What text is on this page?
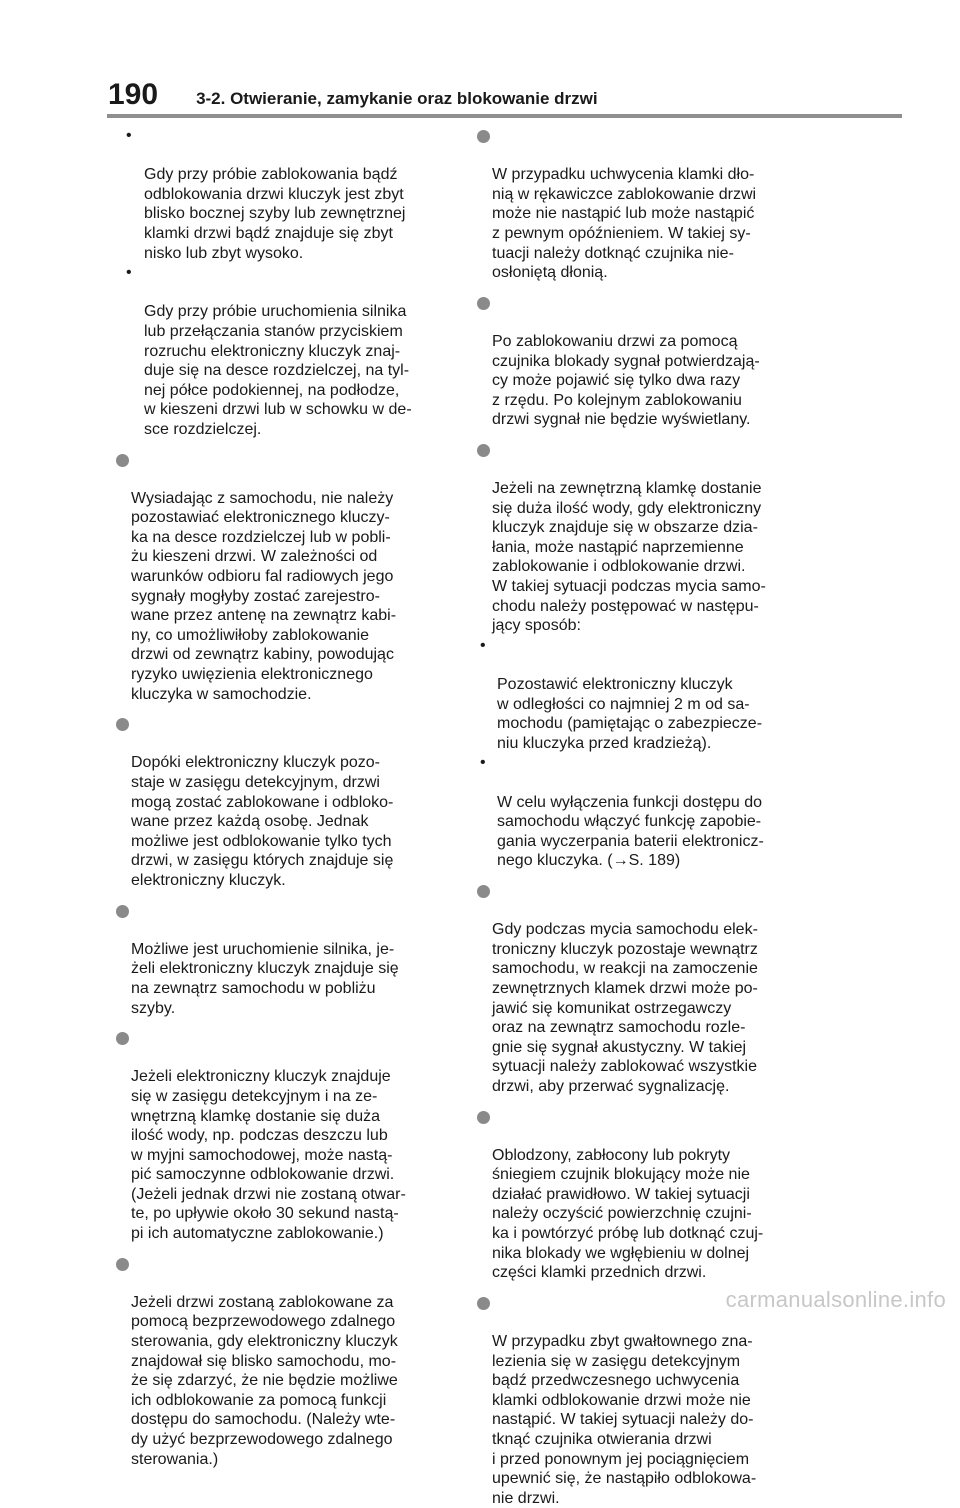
190 3-2. Otwieranie, zamykanie oraz blokowanie drzwi

•

Gdy przy próbie zablokowania bądź
odblokowania drzwi kluczyk jest zbyt
blisko bocznej szyby lub zewnętrznej
klamki drzwi bądź znajduje się zbyt
nisko lub zbyt wysoko.

•

Gdy przy próbie uruchomienia silnika
lub przełączania stanów przyciskiem
rozruchu elektroniczny kluczyk znaj-
duje się na desce rozdzielczej, na tyl-
nej półce podokiennej, na podłodze,
w kieszeni drzwi lub w schowku w de-
sce rozdzielczej.

Wysiadając z samochodu, nie należy
pozostawiać elektronicznego kluczy-
ka na desce rozdzielczej lub w pobli-
żu kieszeni drzwi. W zależności od
warunków odbioru fal radiowych jego
sygnały mogłyby zostać zarejestro-
wane przez antenę na zewnątrz kabi-
ny, co umożliwiłoby zablokowanie
drzwi od zewnątrz kabiny, powodując
ryzyko uwięzienia elektronicznego
kluczyka w samochodzie.

Dopóki elektroniczny kluczyk pozo-
staje w zasięgu detekcyjnym, drzwi
mogą zostać zablokowane i odbloko-
wane przez każdą osobę. Jednak
możliwe jest odblokowanie tylko tych
drzwi, w zasięgu których znajduje się
elektroniczny kluczyk.

Możliwe jest uruchomienie silnika, je-
żeli elektroniczny kluczyk znajduje się
na zewnątrz samochodu w pobliżu
szyby.

Jeżeli elektroniczny kluczyk znajduje
się w zasięgu detekcyjnym i na ze-
wnętrzną klamkę dostanie się duża
ilość wody, np. podczas deszczu lub
w myjni samochodowej, może nastą-
pić samoczynne odblokowanie drzwi.
(Jeżeli jednak drzwi nie zostaną otwar-
te, po upływie około 30 sekund nastą-
pi ich automatyczne zablokowanie.)

Jeżeli drzwi zostaną zablokowane za
pomocą bezprzewodowego zdalnego
sterowania, gdy elektroniczny kluczyk
znajdował się blisko samochodu, mo-
że się zdarzyć, że nie będzie możliwe
ich odblokowanie za pomocą funkcji
dostępu do samochodu. (Należy wte-
dy użyć bezprzewodowego zdalnego
sterowania.)

W przypadku uchwycenia klamki dło-
nią w rękawiczce zablokowanie drzwi
może nie nastąpić lub może nastąpić
z pewnym opóźnieniem. W takiej sy-
tuacji należy dotknąć czujnika nie-
osłoniętą dłonią.

Po zablokowaniu drzwi za pomocą
czujnika blokady sygnał potwierdzają-
cy może pojawić się tylko dwa razy
z rzędu. Po kolejnym zablokowaniu
drzwi sygnał nie będzie wyświetlany.

Jeżeli na zewnętrzną klamkę dostanie
się duża ilość wody, gdy elektroniczny
kluczyk znajduje się w obszarze dzia-
łania, może nastąpić naprzemienne
zablokowanie i odblokowanie drzwi.
W takiej sytuacji podczas mycia samo-
chodu należy postępować w następu-
jący sposób:

•

Pozostawić elektroniczny kluczyk
w odległości co najmniej 2 m od sa-
mochodu (pamiętając o zabezpiecze-
niu kluczyka przed kradzieżą).

•

W celu wyłączenia funkcji dostępu do
samochodu włączyć funkcję zapobie-
gania wyczerpania baterii elektronicz-
nego kluczyka. (→S. 189)

Gdy podczas mycia samochodu elek-
troniczny kluczyk pozostaje wewnątrz
samochodu, w reakcji na zamoczenie
zewnętrznych klamek drzwi może po-
jawić się komunikat ostrzegawczy
oraz na zewnątrz samochodu rozle-
gnie się sygnał akustyczny. W takiej
sytuacji należy zablokować wszystkie
drzwi, aby przerwać sygnalizację.

Oblodzony, zabłocony lub pokryty
śniegiem czujnik blokujący może nie
działać prawidłowo. W takiej sytuacji
należy oczyścić powierzchnię czujni-
ka i powtórzyć próbę lub dotknąć czuj-
nika blokady we wgłębieniu w dolnej
części klamki przednich drzwi.

W przypadku zbyt gwałtownego zna-
lezienia się w zasięgu detekcyjnym
bądź przedwczesnego uchwycenia
klamki odblokowanie drzwi może nie
nastąpić. W takiej sytuacji należy do-
tknąć czujnika otwierania drzwi
i przed ponownym jej pociągnięciem
upewnić się, że nastąpiło odblokowa-
nie drzwi.

carmanualsonline.info
